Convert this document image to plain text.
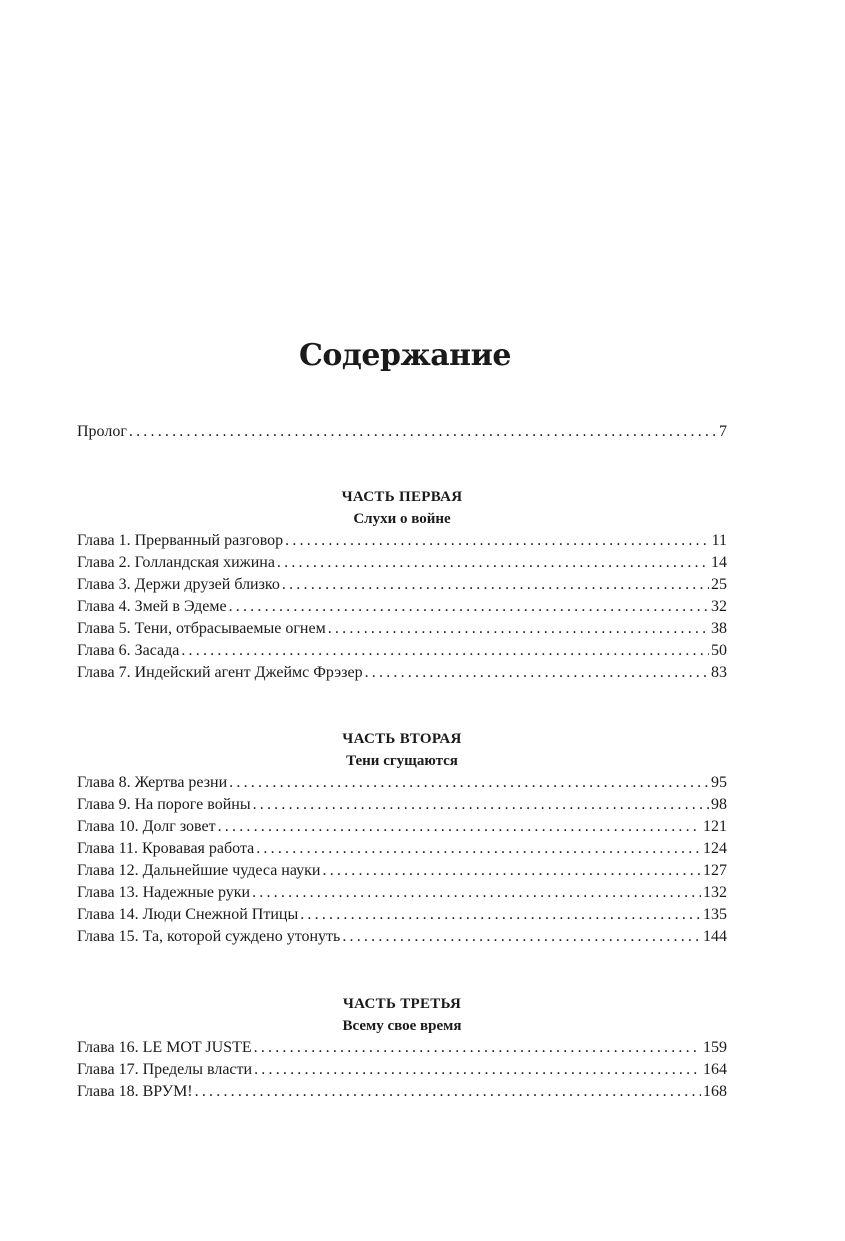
Содержание
Пролог .....	7
ЧАСТЬ ПЕРВАЯ
Слухи о войне
Глава 1. Прерванный разговор .....	11
Глава 2. Голландская хижина .....	14
Глава 3. Держи друзей близко .....	25
Глава 4. Змей в Эдеме .....	32
Глава 5. Тени, отбрасываемые огнем .....	38
Глава 6. Засада .....	50
Глава 7. Индейский агент Джеймс Фрэзер .....	83
ЧАСТЬ ВТОРАЯ
Тени сгущаются
Глава 8. Жертва резни .....	95
Глава 9. На пороге войны .....	98
Глава 10. Долг зовет .....	121
Глава 11. Кровавая работа .....	124
Глава 12. Дальнейшие чудеса науки .....	127
Глава 13. Надежные руки .....	132
Глава 14. Люди Снежной Птицы .....	135
Глава 15. Та, которой суждено утонуть .....	144
ЧАСТЬ ТРЕТЬЯ
Всему свое время
Глава 16. LE MOT JUSTE .....	159
Глава 17. Пределы власти .....	164
Глава 18. ВРУМ! .....	168
